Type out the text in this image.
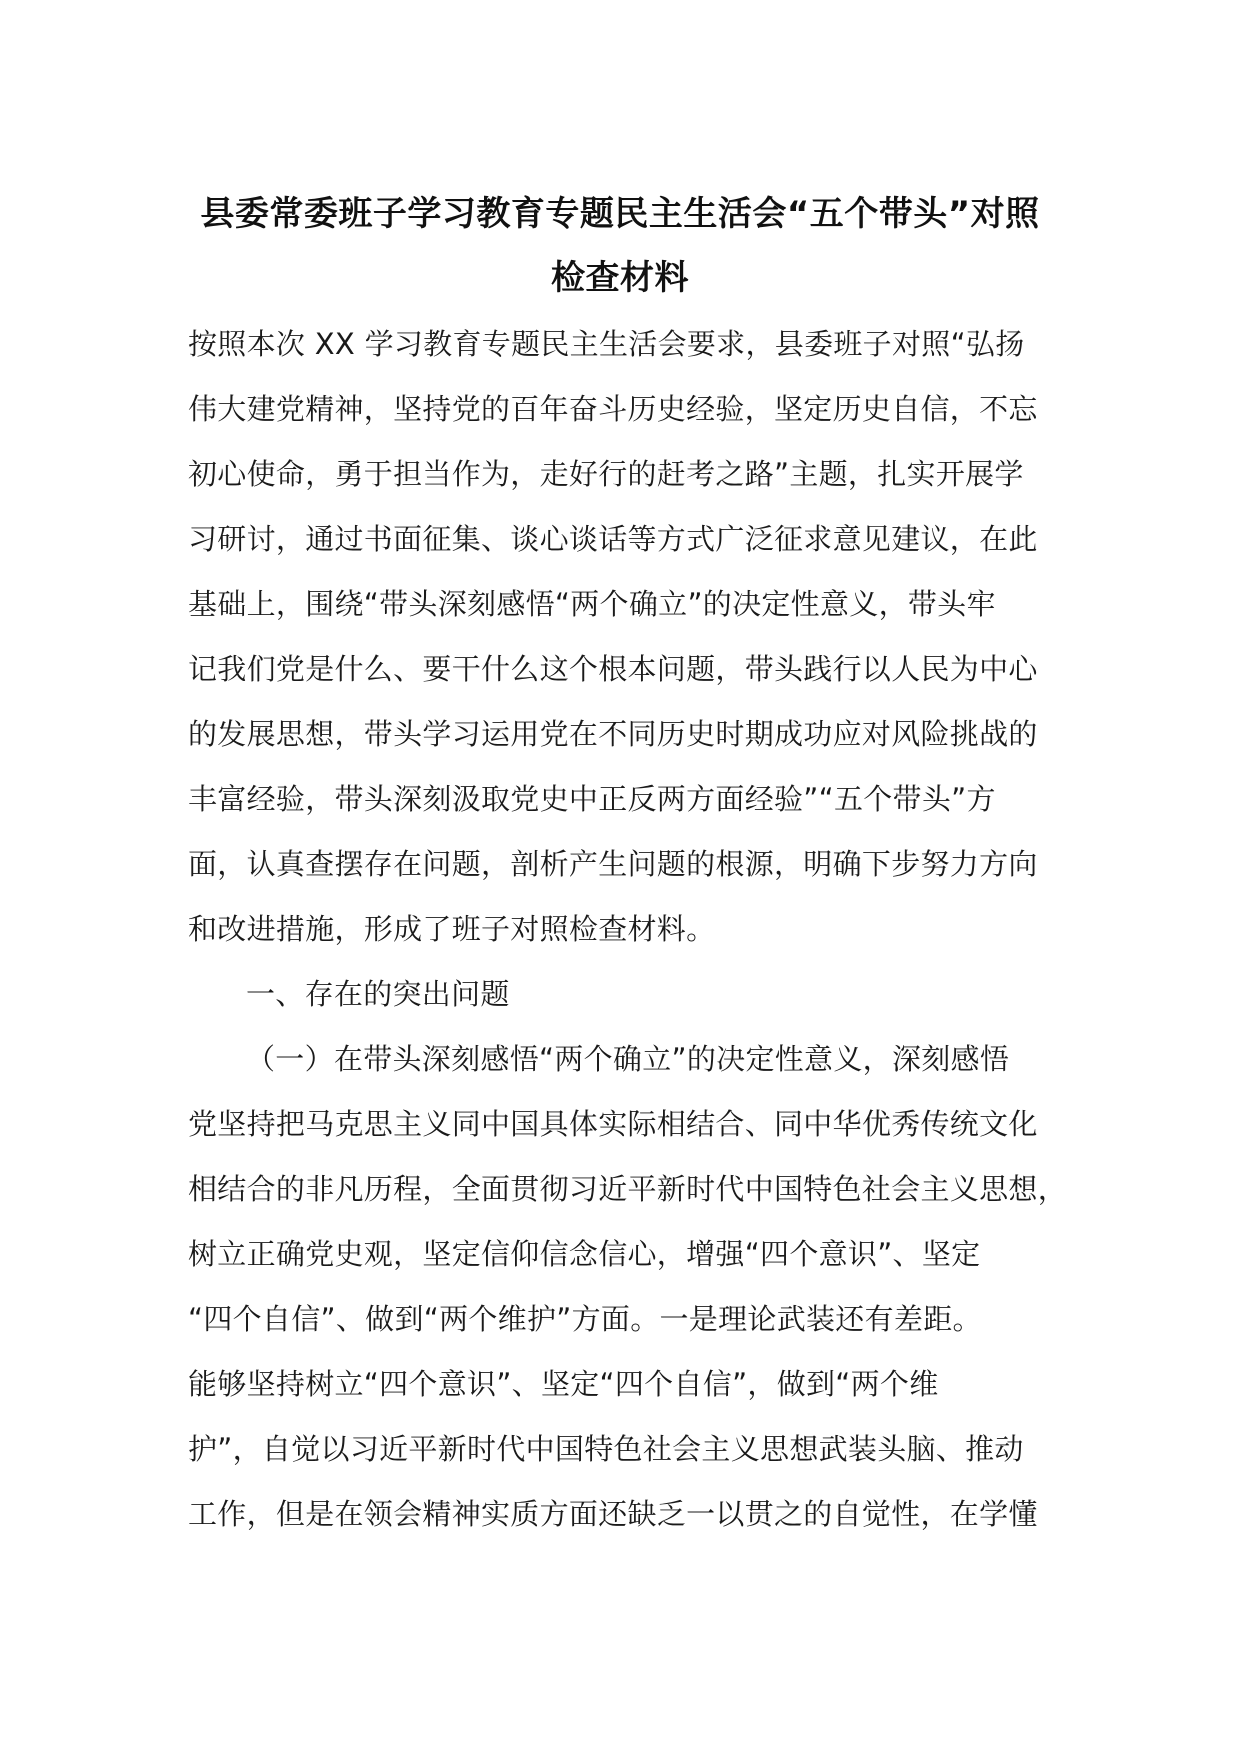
县委常委班子学习教育专题民主生活会“五个带头”对照
检查材料
按照本次 XX 学习教育专题民主生活会要求，县委班子对照“弘扬
伟大建党精神，坚持党的百年奋斗历史经验，坚定历史自信，不忘
初心使命，勇于担当作为，走好行的赶考之路”主题，扎实开展学
习研讨，通过书面征集、谈心谈话等方式广泛征求意见建议，在此
基础上，围绕“带头深刻感悟“两个确立”的决定性意义，带头牢
记我们党是什么、要干什么这个根本问题，带头践行以人民为中心
的发展思想，带头学习运用党在不同历史时期成功应对风险挑战的
丰富经验，带头深刻汲取党史中正反两方面经验”“五个带头”方
面，认真查摆存在问题，剖析产生问题的根源，明确下步努力方向
和改进措施，形成了班子对照检查材料。
一、存在的突出问题
（一）在带头深刻感悟“两个确立”的决定性意义，深刻感悟
党坚持把马克思主义同中国具体实际相结合、同中华优秀传统文化
相结合的非凡历程，全面贯彻习近平新时代中国特色社会主义思想，
树立正确党史观，坚定信仰信念信心，增强“四个意识”、坚定
“四个自信”、做到“两个维护”方面。一是理论武装还有差距。
能够坚持树立“四个意识”、坚定“四个自信”，做到“两个维
护”，自觉以习近平新时代中国特色社会主义思想武装头脑、推动
工作，但是在领会精神实质方面还缺乏一以贯之的自觉性，在学懂
